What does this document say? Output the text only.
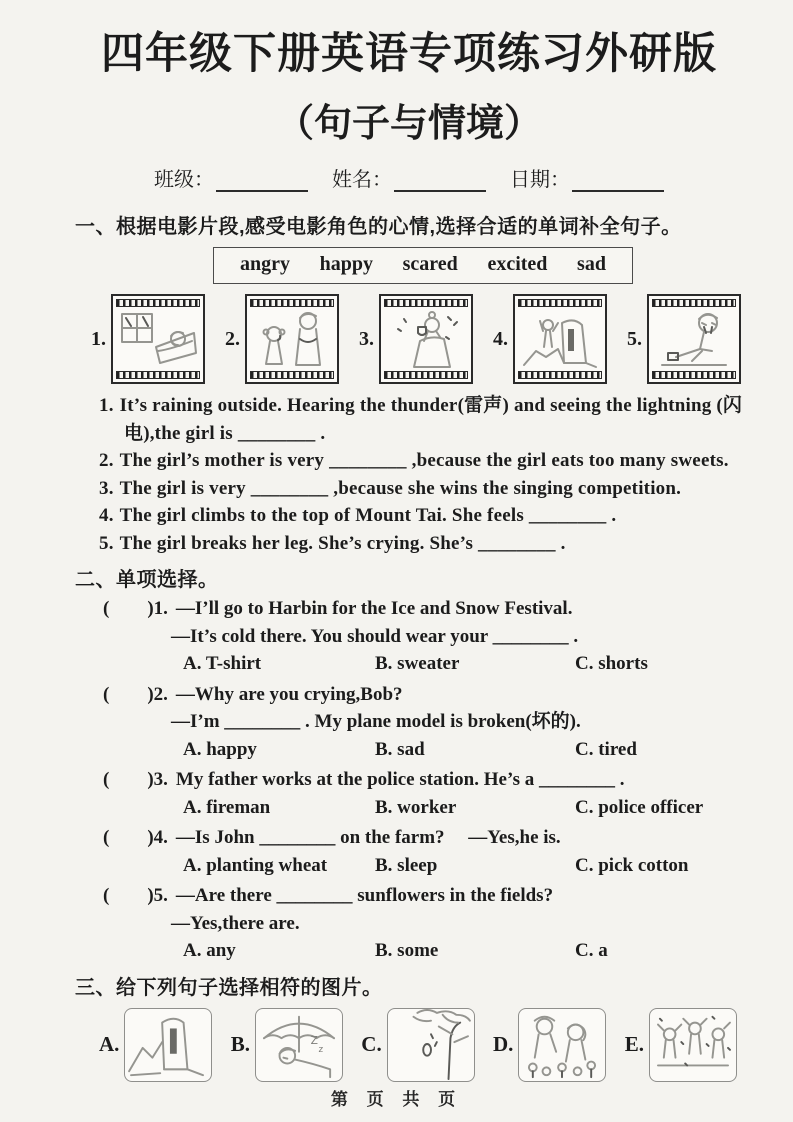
四年级下册英语专项练习外研版
（句子与情境）
班级：	姓名：	日期：
一、根据电影片段,感受电影角色的心情,选择合适的单词补全句子。
angry happy scared excited sad
1.	2.	3.	4.	5.
1. It’s raining outside. Hearing the thunder(雷声) and seeing the lightning (闪电),the girl is ________ .
2. The girl’s mother is very ________ ,because the girl eats too many sweets.
3. The girl is very ________ ,because she wins the singing competition.
4. The girl climbs to the top of Mount Tai. She feels ________ .
5. The girl breaks her leg. She’s crying. She’s ________ .
二、单项选择。
(　　)1. —I’ll go to Harbin for the Ice and Snow Festival.
—It’s cold there. You should wear your ________ .
A. T-shirt	B. sweater	C. shorts
(　　)2. —Why are you crying,Bob?
—I’m ________ . My plane model is broken(坏的).
A. happy	B. sad	C. tired
(　　)3. My father works at the police station. He’s a ________ .
A. fireman	B. worker	C. police officer
(　　)4. —Is John ________ on the farm?　 —Yes,he is.
A. planting wheat	B. sleep	C. pick cotton
(　　)5. —Are there ________ sunflowers in the fields?
—Yes,there are.
A. any	B. some	C. a
三、给下列句子选择相符的图片。
A.	B.	Z
z C.	D.	E.
第 页 共 页
